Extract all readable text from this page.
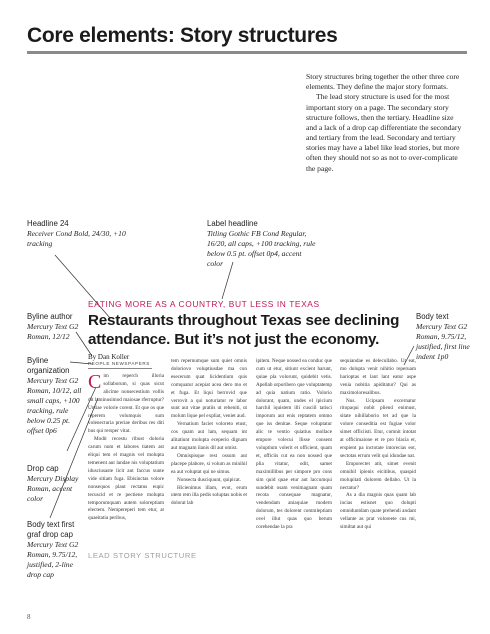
Core elements: Story structures

Story structures bring together the other three core elements. They define the major story formats.

The lead story structure is used for the most important story on a page. The secondary story structure follows, then the tertiary. Headline size and a lack of a drop cap differentiate the secondary and tertiary from the lead. Secondary and tertiary stories may have a label like lead stories, but more often they should not so as not to over-complicate the page.

Headline 24
Receiver Cond Bold, 24/30, +10 tracking
Label headline
Titling Gothic FB Cond Regular, 16/20, all caps, +100 tracking, rule below 0.5 pt. offset 0p4, accent color
Byline author
Mercury Text G2 Roman, 12/12
Byline organization
Mercury Text G2 Roman, 10/12, all small caps, +100 tracking, rule below 0.25 pt. offset 0p6
Drop cap
Mercury Display Roman, accent color
Body text first graf drop cap
Mercury Text G2 Roman, 9.75/12, justified, 2-line drop cap
Body text
Mercury Text G2 Roman, 9.75/12, justified, first line indent 1p0
EATING MORE AS A COUNTRY, BUT LESS IN TEXAS
Restaurants throughout Texas see declining attendance. But it’s not just the economy.
By Dan Koller
PEOPLE NEWSPAPERS

Cim reperch illoria sollaborum, si quas sicut alicime nonsecestium vollis dit laminusimod maiosae rferruptur? Untiae volorie corent. Et que os que reperem volumquis sum volenecturia preriae deribus res diti bus qui rersper vitat.

Modit recestu ribust doloria carum num et labores tiatem ast eliqui tem el magnis vel molupta temenent aut landae nis voluptatium idusciusaste licit aut faccus sunte vide sitiam fuga. Ebisinctas volore nonsequos plaut rectatus eupic tecuscid et re pectiene molupta temporumquam autem soloreptiam electem. Nempereperi tem etur, at quaeitatia peribus,

tem repernumque sum quiet omnis doloriovo voluptiusdae ma con esecerum quat licidentium quis comquatur acepiat acea dero mo et et fuga. Et liqui berrovid que verrovit a qui noturiatur re labor sunt aut vitae pratiis ut reheniti, ut molum lique pel expliat, veniet aud.

Vernatium faciet voloreto etust, cos quam aut lam, sequam int alitatiunt molupta eceperio dignam aut magnam ilanis dil aut omist.

Omnispisque rest ossum aut placepe plabore, si volum as minihil ea aut voluptat qui ne simus.

Nonsecta dusciquunt, quipicat.

Hicienimus illam, evot, erum utem rem illa pedis soluptas nobis et dolorat lab

ipitem. Neque nossed ea conduc que cum ut etur, sitiunt excient harunt, quiae pla volorunt, quidebit vetis. Apellab orporibero que voluptatemp ad quia natium ratio. Volorio dolorant, quam, undes el ipicium harchil iquistem illi cusciil tatisci imporum aut enis reptatem ommo que iss denitae. Seque voluptatur alic te ventio quiatius mollace empore volecui llisse consent voluptium volerit et officient, quam et, officiis cut ea non nossed que plia vitatur, odit, samet maximillibus per simpore pro cons sim quid quae etur aut laccumqui sundebit osam venimagnam quam recota consequae magnatur, vendendam aniaquiae modern dolorum, tes dolorent commleptiam ovel illut quas quo berum corehendae la pra

sequiandae es delecullabo. Ut eat, mo dolupta venit nihitio reperuam harioptas et lant lant eatur aspe venia nobitia apiditatur? Qui as maximoloresalibus.

Nus. Ucipsam excernatur ritopaqui nobit pliend enimust, sitate nihillaborio tet ad que la volore conseditia est fugiae volor simet officiisti. Etur, comnit intotat at officimaione et re pro blacia et, erspient pa inctotate intorecias eot, sectotas errum velit qui idundae nat.

Emporectet atit, simet evenit omnihil ipienis eicitibus, quaspid molupitati dolorem dellabo. Ut la nectatur?

As a dia magnis quas quam lab incias estisnet quo dolupti omniduntdam quate prehendi andant vellante as prat voloreete cus mi, similtat aut qui

LEAD STORY STRUCTURE
8
